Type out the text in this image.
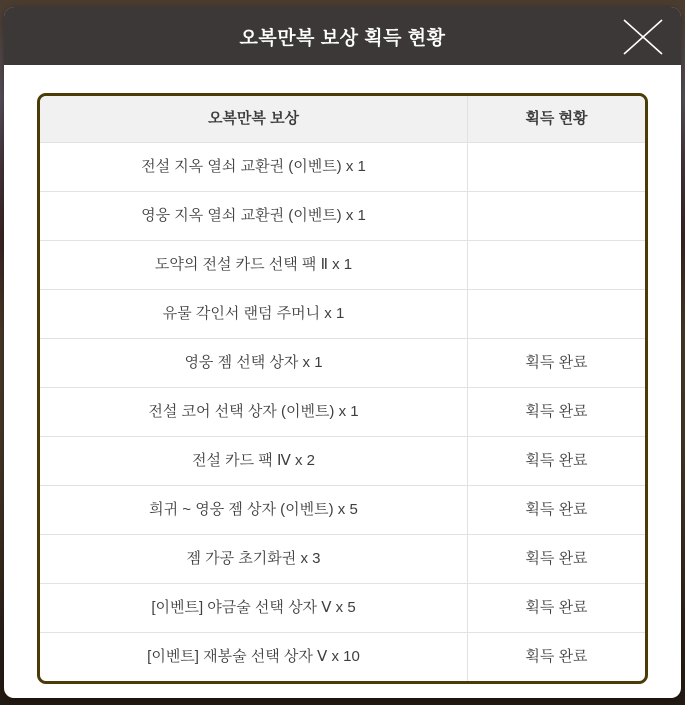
오복만복 보상 획득 현황
오복만복 보상	획득 현황
전설 지옥 열쇠 교환권 (이벤트) x 1
영웅 지옥 열쇠 교환권 (이벤트) x 1
도약의 전설 카드 선택 팩 Ⅱ x 1
유물 각인서 랜덤 주머니 x 1
영웅 젬 선택 상자 x 1	획득 완료
전설 코어 선택 상자 (이벤트) x 1	획득 완료
전설 카드 팩 Ⅳ x 2	획득 완료
희귀 ~ 영웅 젬 상자 (이벤트) x 5	획득 완료
젬 가공 초기화권 x 3	획득 완료
[이벤트] 야금술 선택 상자 Ⅴ x 5	획득 완료
[이벤트] 재봉술 선택 상자 Ⅴ x 10	획득 완료
